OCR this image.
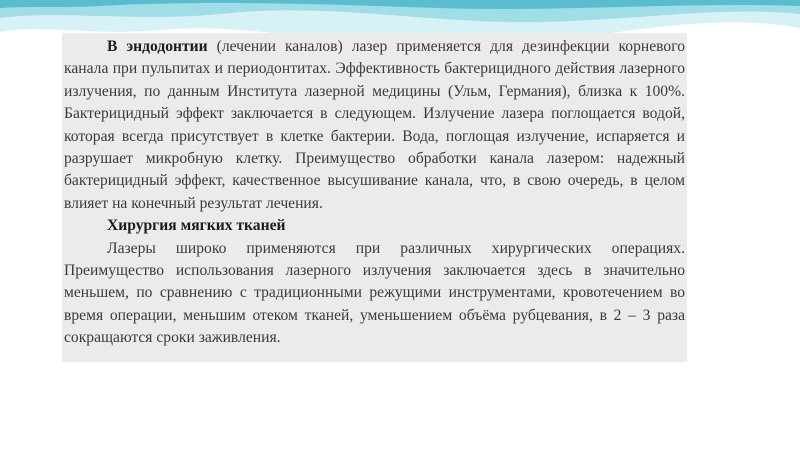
В эндодонтии (лечении каналов) лазер применяется для дезинфекции корневого канала при пульпитах и периодонтитах. Эффективность бактерицидного действия лазерного излучения, по данным Института лазерной медицины (Ульм, Германия), близка к 100%. Бактерицидный эффект заключается в следующем. Излучение лазера поглощается водой, которая всегда присутствует в клетке бактерии. Вода, поглощая излучение, испаряется и разрушает микробную клетку. Преимущество обработки канала лазером: надежный бактерицидный эффект, качественное высушивание канала, что, в свою очередь, в целом влияет на конечный результат лечения.

Хирургия мягких тканей

Лазеры широко применяются при различных хирургических операциях. Преимущество использования лазерного излучения заключается здесь в значительно меньшем, по сравнению с традиционными режущими инструментами, кровотечением во время операции, меньшим отеком тканей, уменьшением объёма рубцевания, в 2 – 3 раза сокращаются сроки заживления.
